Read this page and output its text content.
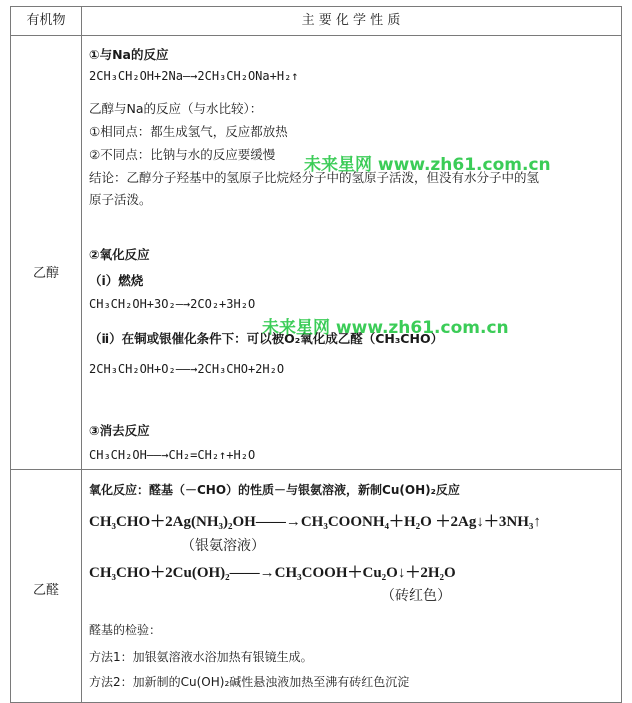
有机物	主 要 化 学 性 质
乙醇
乙醛
①与Na的反应
2CH₃CH₂OH+2Na—→2CH₃CH₂ONa+H₂↑
乙醇与Na的反应（与水比较）：
①相同点：都生成氢气，反应都放热
②不同点：比钠与水的反应要缓慢
结论：乙醇分子羟基中的氢原子比烷烃分子中的氢原子活泼，但没有水分子中的氢
原子活泼。
②氧化反应
（ⅰ）燃烧
CH₃CH₂OH+3O₂—→2CO₂+3H₂O
（ⅱ）在铜或银催化条件下：可以被O₂氧化成乙醛（CH₃CHO）
2CH₃CH₂OH+O₂——→2CH₃CHO+2H₂O
③消去反应
CH₃CH₂OH——→CH₂=CH₂↑+H₂O
氧化反应：醛基（－CHO）的性质－与银氨溶液，新制Cu(OH)₂反应
CH₃CHO＋2Ag(NH₃)₂OH——→CH₃COONH₄＋H₂O ＋2Ag↓＋3NH₃↑
（银氨溶液）
CH₃CHO＋2Cu(OH)₂——→CH₃COOH＋Cu₂O↓＋2H₂O
（砖红色）
醛基的检验：
方法1：加银氨溶液水浴加热有银镜生成。
方法2：加新制的Cu(OH)₂碱性悬浊液加热至沸有砖红色沉淀
未来星网 www.zh61.com.cn
未来星网 www.zh61.com.cn
